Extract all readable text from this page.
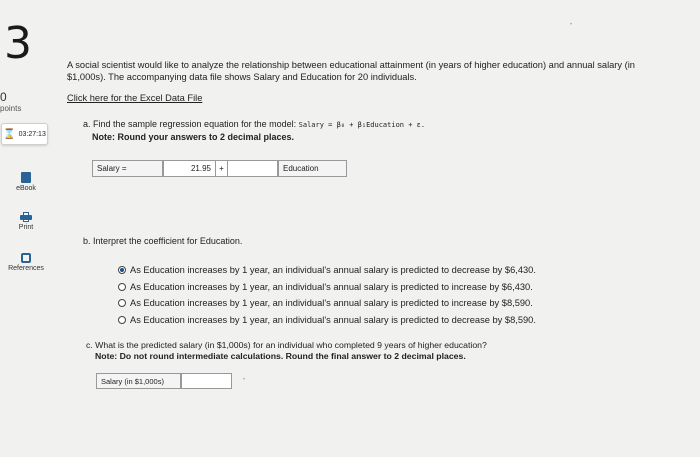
3
0
points
⌛ 03:27:13
eBook
Print
References
•
A social scientist would like to analyze the relationship between educational attainment (in years of higher education) and annual salary (in $1,000s). The accompanying data file shows Salary and Education for 20 individuals.
Click here for the Excel Data File
a. Find the sample regression equation for the model: Salary = β₀ + β₁Education + ε.
Note: Round your answers to 2 decimal places.
Salary =	21.95	+	Education
b. Interpret the coefficient for Education.
As Education increases by 1 year, an individual's annual salary is predicted to decrease by $6,430.
As Education increases by 1 year, an individual's annual salary is predicted to increase by $6,430.
As Education increases by 1 year, an individual's annual salary is predicted to increase by $8,590.
As Education increases by 1 year, an individual's annual salary is predicted to decrease by $8,590.
c. What is the predicted salary (in $1,000s) for an individual who completed 9 years of higher education?
Note: Do not round intermediate calculations. Round the final answer to 2 decimal places.
Salary (in $1,000s)	•
